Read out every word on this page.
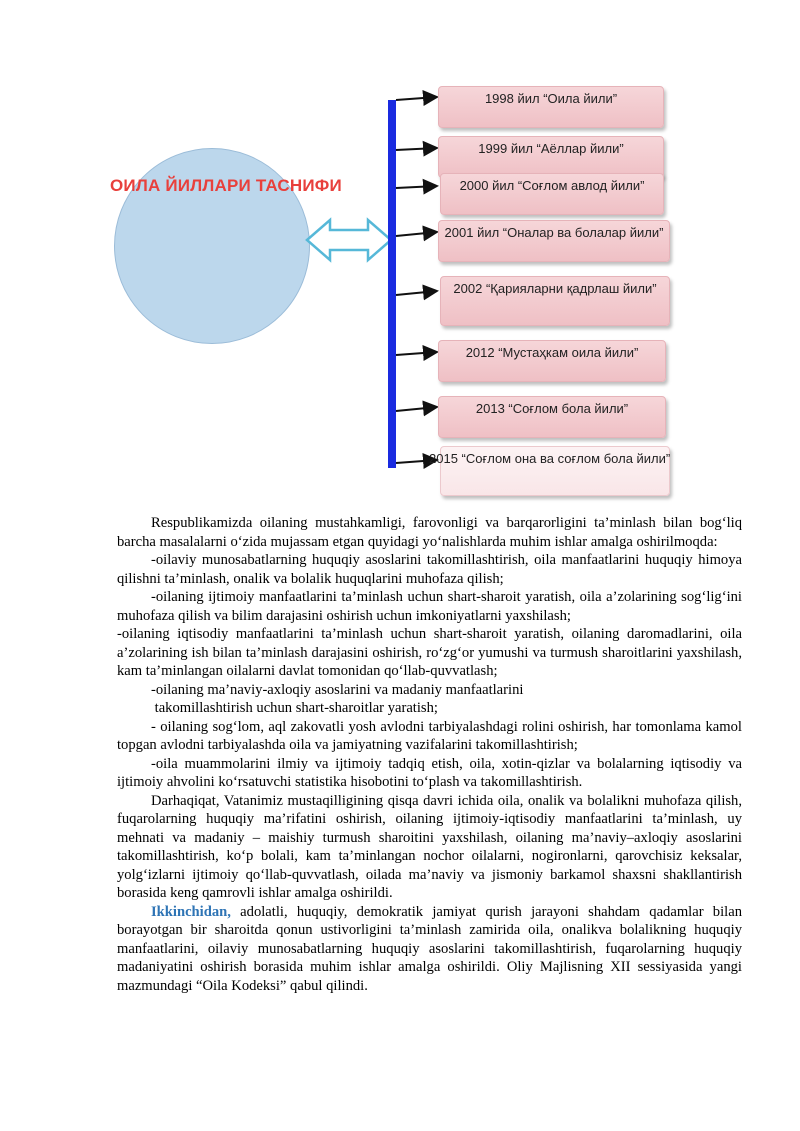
ОИЛА ЙИЛЛАРИ ТАСНИФИ
1998 йил “Оила йили”
1999 йил “Аёллар йили”
2000 йил “Соғлом авлод йили”
2001 йил “Оналар ва болалар йили”
2002 “Қарияларни қадрлаш йили”
2012 “Мустаҳкам оила йили”
2013 “Соғлом бола йили”
2015 “Соғлом она ва соғлом бола йили”

Respublikamizda oilaning mustahkamligi, farovonligi va barqarorligini ta’minlash bilan bog‘liq barcha masalalarni o‘zida mujassam etgan quyidagi yo‘nalishlarda muhim ishlar amalga oshirilmoqda:

-oilaviy munosabatlarning huquqiy asoslarini takomillashtirish, oila manfaatlarini huquqiy himoya qilishni ta’minlash, onalik va bolalik huquqlarini muhofaza qilish;

-oilaning ijtimoiy manfaatlarini ta’minlash uchun shart-sharoit yaratish, oila a’zolarining sog‘lig‘ini muhofaza qilish va bilim darajasini oshirish uchun imkoniyatlarni yaxshilash;

-oilaning iqtisodiy manfaatlarini ta’minlash uchun shart-sharoit yaratish, oilaning daromadlarini, oila a’zolarining ish bilan ta’minlash darajasini oshirish, ro‘zg‘or yumushi va turmush sharoitlarini yaxshilash, kam ta’minlangan oilalarni davlat tomonidan qo‘llab-quvvatlash;

-oilaning ma’naviy-axloqiy asoslarini va madaniy manfaatlarini

takomillashtirish uchun shart-sharoitlar yaratish;

- oilaning sog‘lom, aql zakovatli yosh avlodni tarbiyalashdagi rolini oshirish, har tomonlama kamol topgan avlodni tarbiyalashda oila va jamiyatning vazifalarini takomillashtirish;

-oila muammolarini ilmiy va ijtimoiy tadqiq etish, oila, xotin-qizlar va bolalarning iqtisodiy va ijtimoiy ahvolini ko‘rsatuvchi statistika hisobotini to‘plash va takomillashtirish.

Darhaqiqat, Vatanimiz mustaqilligining qisqa davri ichida oila, onalik va bolalikni muhofaza qilish, fuqarolarning huquqiy ma’rifatini oshirish, oilaning ijtimoiy-iqtisodiy manfaatlarini ta’minlash, uy mehnati va madaniy – maishiy turmush sharoitini yaxshilash, oilaning ma’naviy–axloqiy asoslarini takomillashtirish, ko‘p bolali, kam ta’minlangan nochor oilalarni, nogironlarni, qarovchisiz keksalar, yolg‘izlarni ijtimoiy qo‘llab-quvvatlash, oilada ma’naviy va jismoniy barkamol shaxsni shakllantirish borasida keng qamrovli ishlar amalga oshirildi.

Ikkinchidan, adolatli, huquqiy, demokratik jamiyat qurish jarayoni shahdam qadamlar bilan borayotgan bir sharoitda qonun ustivorligini ta’minlash zamirida oila, onalikva bolalikning huquqiy manfaatlarini, oilaviy munosabatlarning huquqiy asoslarini takomillashtirish, fuqarolarning huquqiy madaniyatini oshirish borasida muhim ishlar amalga oshirildi. Oliy Majlisning XII sessiyasida yangi mazmundagi “Oila Kodeksi” qabul qilindi.
